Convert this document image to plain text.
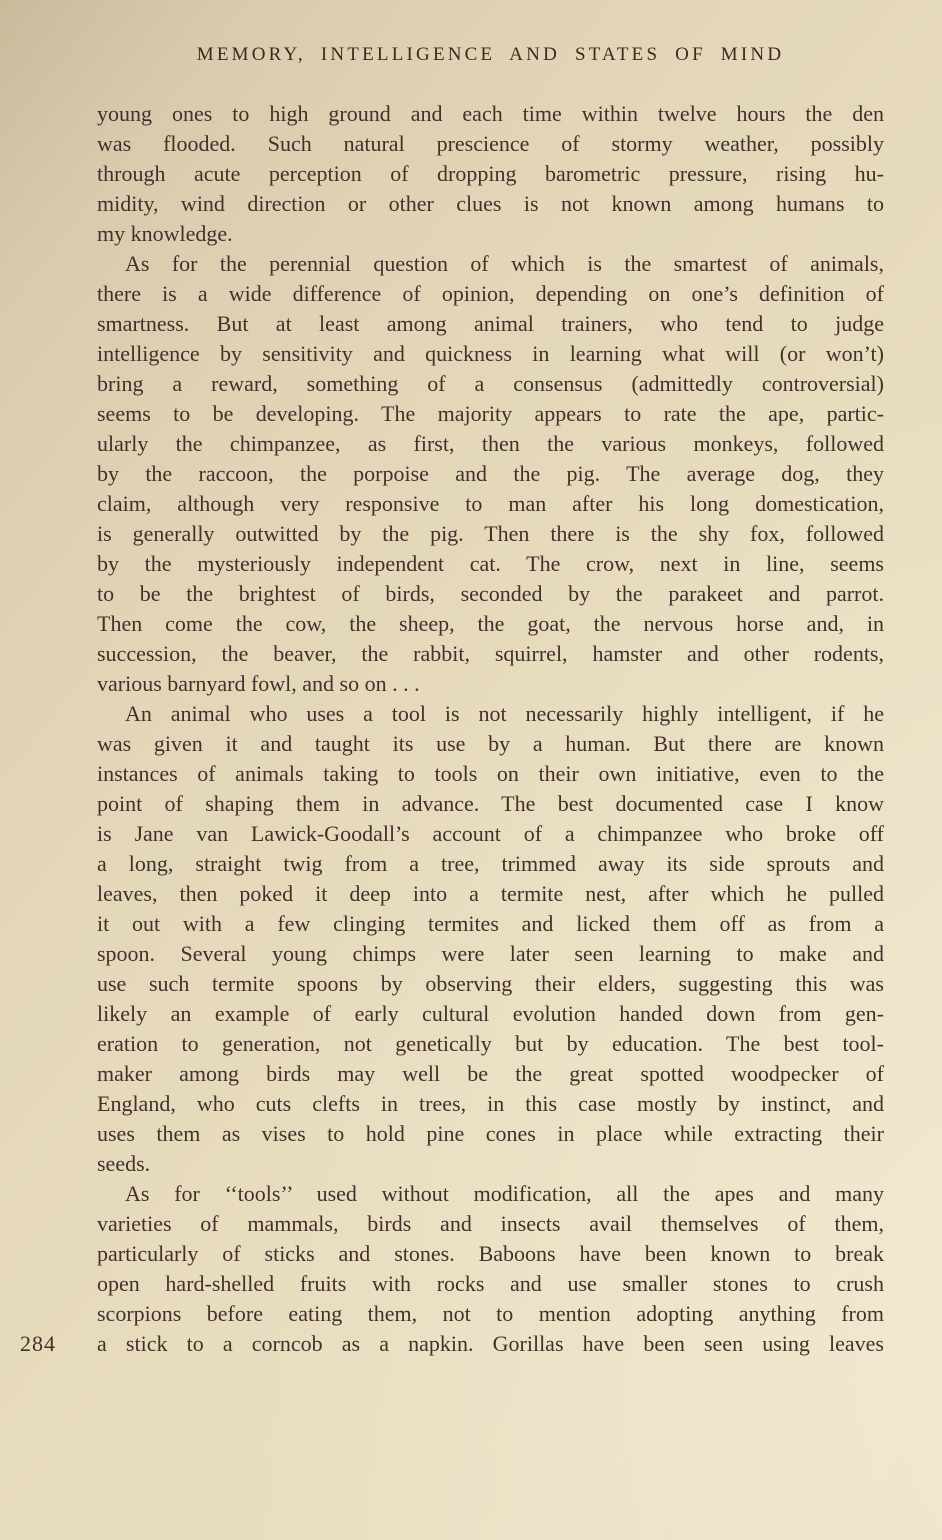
MEMORY, INTELLIGENCE AND STATES OF MIND
young ones to high ground and each time within twelve hours the den
was flooded. Such natural prescience of stormy weather, possibly
through acute perception of dropping barometric pressure, rising hu-
midity, wind direction or other clues is not known among humans to
my knowledge.
As for the perennial question of which is the smartest of animals,
there is a wide difference of opinion, depending on one’s definition of
smartness. But at least among animal trainers, who tend to judge
intelligence by sensitivity and quickness in learning what will (or won’t)
bring a reward, something of a consensus (admittedly controversial)
seems to be developing. The majority appears to rate the ape, partic-
ularly the chimpanzee, as first, then the various monkeys, followed
by the raccoon, the porpoise and the pig. The average dog, they
claim, although very responsive to man after his long domestication,
is generally outwitted by the pig. Then there is the shy fox, followed
by the mysteriously independent cat. The crow, next in line, seems
to be the brightest of birds, seconded by the parakeet and parrot.
Then come the cow, the sheep, the goat, the nervous horse and, in
succession, the beaver, the rabbit, squirrel, hamster and other rodents,
various barnyard fowl, and so on . . .
An animal who uses a tool is not necessarily highly intelligent, if he
was given it and taught its use by a human. But there are known
instances of animals taking to tools on their own initiative, even to the
point of shaping them in advance. The best documented case I know
is Jane van Lawick-Goodall’s account of a chimpanzee who broke off
a long, straight twig from a tree, trimmed away its side sprouts and
leaves, then poked it deep into a termite nest, after which he pulled
it out with a few clinging termites and licked them off as from a
spoon. Several young chimps were later seen learning to make and
use such termite spoons by observing their elders, suggesting this was
likely an example of early cultural evolution handed down from gen-
eration to generation, not genetically but by education. The best tool-
maker among birds may well be the great spotted woodpecker of
England, who cuts clefts in trees, in this case mostly by instinct, and
uses them as vises to hold pine cones in place while extracting their
seeds.
As for ‘‘tools’’ used without modification, all the apes and many
varieties of mammals, birds and insects avail themselves of them,
particularly of sticks and stones. Baboons have been known to break
open hard-shelled fruits with rocks and use smaller stones to crush
scorpions before eating them, not to mention adopting anything from
a stick to a corncob as a napkin. Gorillas have been seen using leaves
284
